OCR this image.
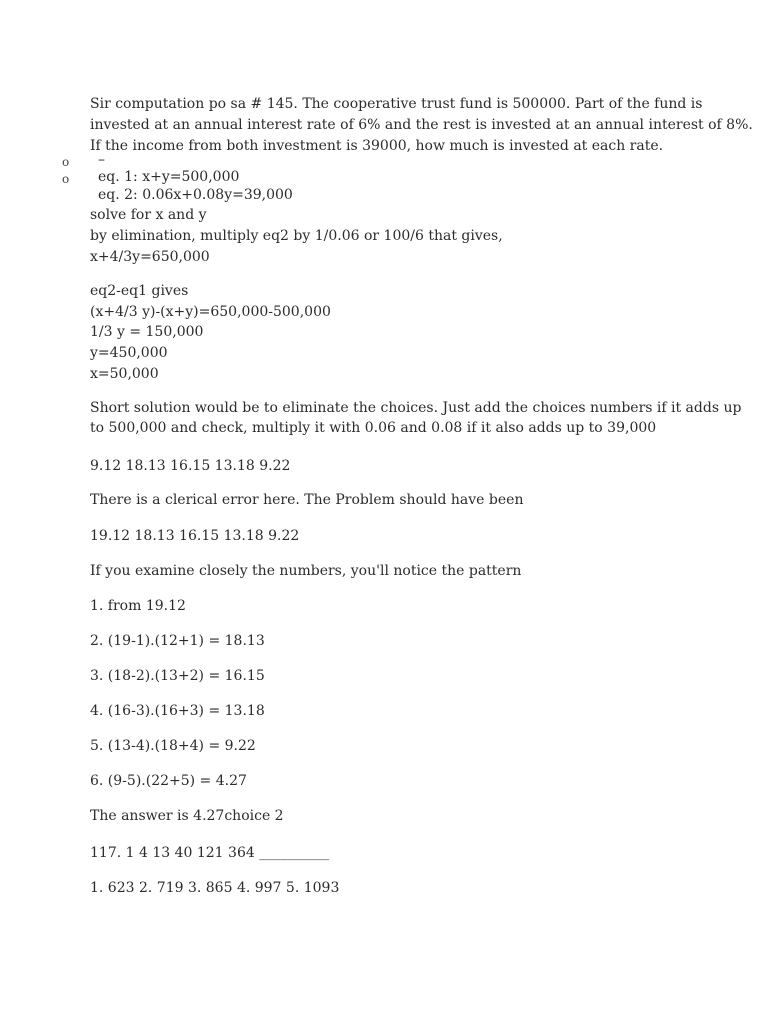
Sir computation po sa # 145. The cooperative trust fund is 500000. Part of the fund is
invested at an annual interest rate of 6% and the rest is invested at an annual interest of 8%.
If the income from both investment is 39000, how much is invested at each rate.
o –
o eq. 1: x+y=500,000
eq. 2: 0.06x+0.08y=39,000
solve for x and y
by elimination, multiply eq2 by 1/0.06 or 100/6 that gives,
x+4/3y=650,000
eq2-eq1 gives
(x+4/3 y)-(x+y)=650,000-500,000
1/3 y = 150,000
y=450,000
x=50,000
Short solution would be to eliminate the choices. Just add the choices numbers if it adds up
to 500,000 and check, multiply it with 0.06 and 0.08 if it also adds up to 39,000
9.12 18.13 16.15 13.18 9.22
There is a clerical error here. The Problem should have been
19.12 18.13 16.15 13.18 9.22
If you examine closely the numbers, you'll notice the pattern
1. from 19.12
2. (19-1).(12+1) = 18.13
3. (18-2).(13+2) = 16.15
4. (16-3).(16+3) = 13.18
5. (13-4).(18+4) = 9.22
6. (9-5).(22+5) = 4.27
The answer is 4.27choice 2
117. 1 4 13 40 121 364 __________
1. 623 2. 719 3. 865 4. 997 5. 1093
